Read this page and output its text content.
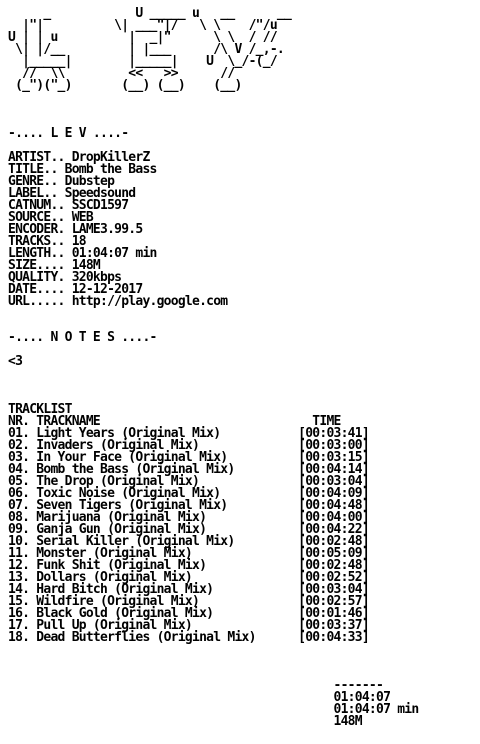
_            U _____ u   __      __
|"|          \| ___"|/   \ \    /"/u
U | | u          |  _|"      \ \  / //
\| |/__         | |___      /\ V /_,-.
|_____|        |_____|    U  \_/-(_/
//  \\         <<   >>      //
(_")("_)       (__) (__)    (__)
-.... L E V ....-
ARTIST.. DropKillerZ
TITLE.. Bomb the Bass
GENRE.. Dubstep
LABEL.. Speedsound
CATNUM.. SSCD1597
SOURCE.. WEB
ENCODER. LAME3.99.5
TRACKS.. 18
LENGTH.. 01:04:07 min
SIZE.... 148M
QUALITY. 320kbps
DATE.... 12-12-2017
URL..... http://play.google.com
-.... N O T E S ....-
<3
TRACKLIST
NR. TRACKNAME                              TIME
01. Light Years (Original Mix)           [00:03:41]
02. Invaders (Original Mix)              [00:03:00]
03. In Your Face (Original Mix)          [00:03:15]
04. Bomb the Bass (Original Mix)         [00:04:14]
05. The Drop (Original Mix)              [00:03:04]
06. Toxic Noise (Original Mix)           [00:04:09]
07. Seven Tigers (Original Mix)          [00:04:48]
08. Marijuana (Original Mix)             [00:04:00]
09. Ganja Gun (Original Mix)             [00:04:22]
10. Serial Killer (Original Mix)         [00:02:48]
11. Monster (Original Mix)               [00:05:09]
12. Funk Shit (Original Mix)             [00:02:48]
13. Dollars (Original Mix)               [00:02:52]
14. Hard Bitch (Original Mix)            [00:03:04]
15. Wildfire (Original Mix)              [00:02:57]
16. Black Gold (Original Mix)            [00:01:46]
17. Pull Up (Original Mix)               [00:03:37]
18. Dead Butterflies (Original Mix)      [00:04:33]
-------
01:04:07
01:04:07 min
148M
